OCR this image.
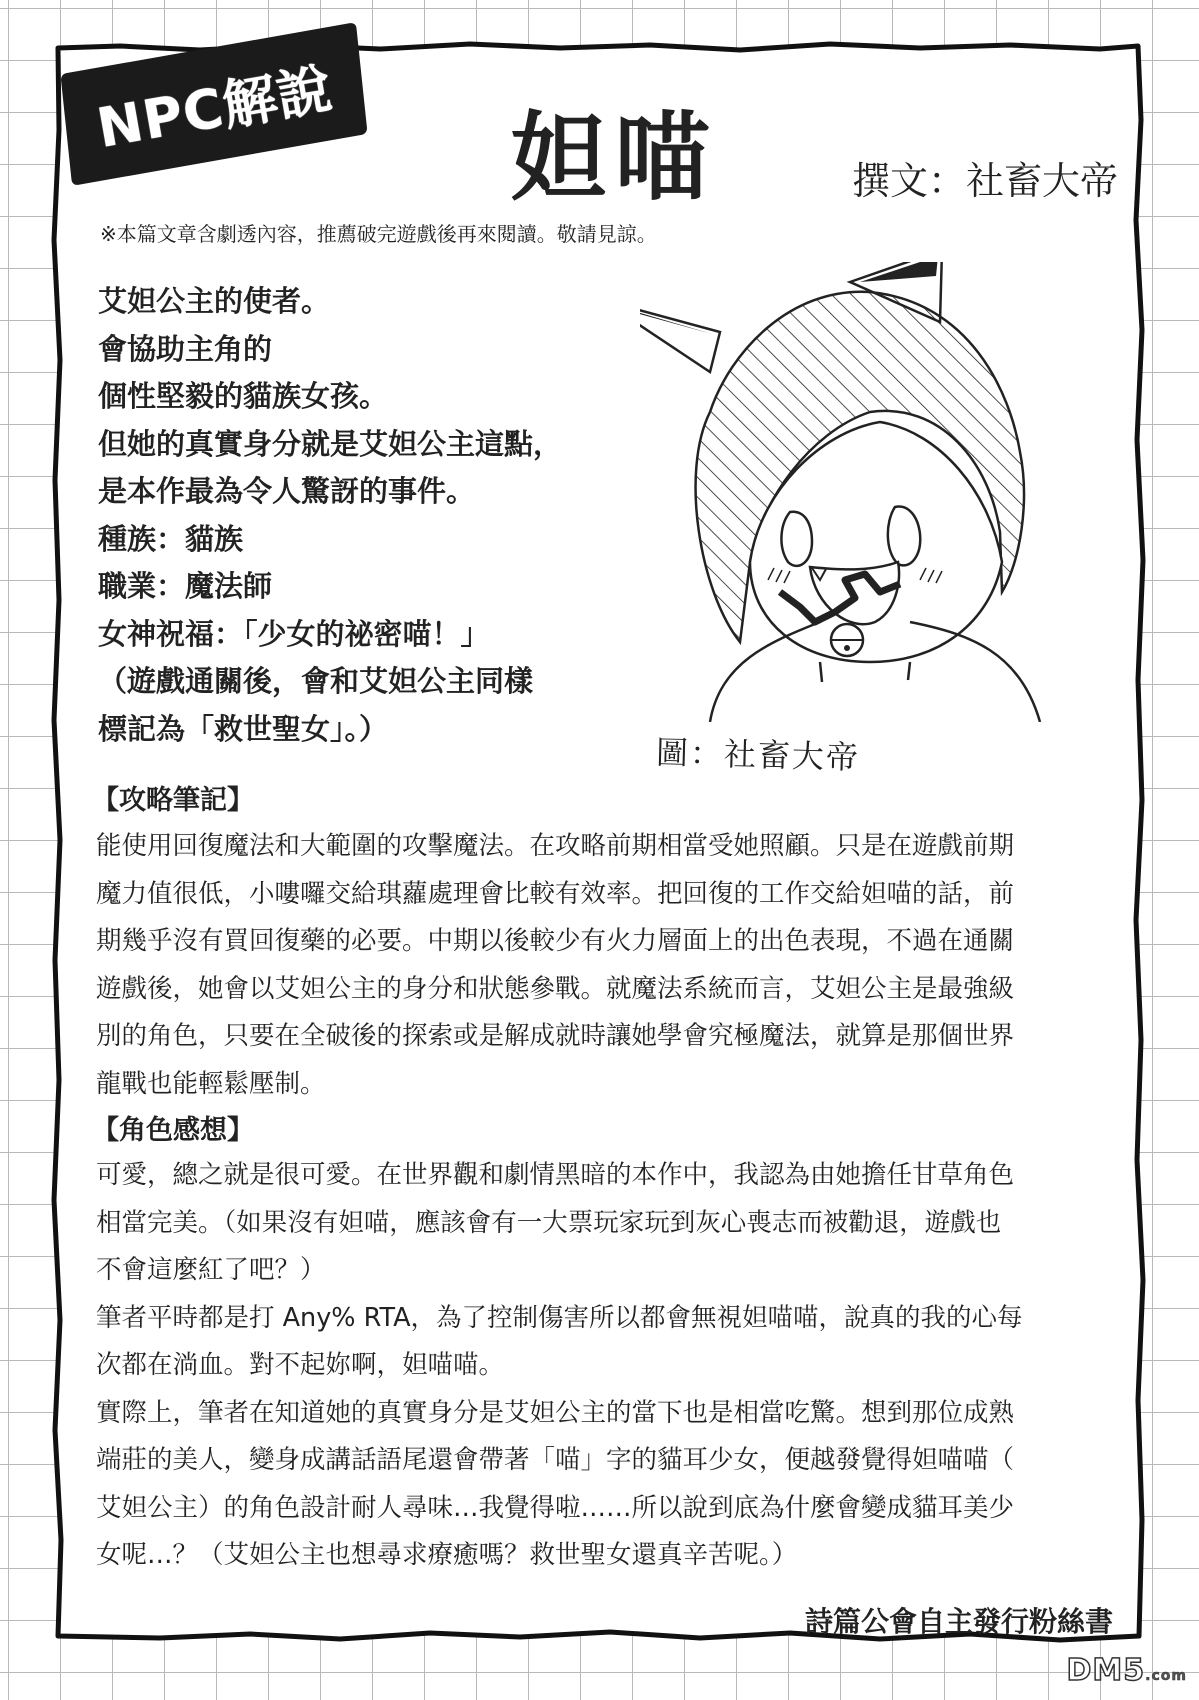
NPC解說 妲喵	撰文：社畜大帝
※本篇文章含劇透內容，推薦破完遊戲後再來閱讀。敬請見諒。
艾妲公主的使者。
會協助主角的
個性堅毅的貓族女孩。
但她的真實身分就是艾妲公主這點，
是本作最為令人驚訝的事件。
種族：貓族
職業：魔法師
女神祝福：「少女的祕密喵！」
（遊戲通關後，會和艾妲公主同樣
標記為「救世聖女」。）
圖：社畜大帝
【攻略筆記】
能使用回復魔法和大範圍的攻擊魔法。在攻略前期相當受她照顧。只是在遊戲前期
魔力值很低，小嘍囉交給琪蘿處理會比較有效率。把回復的工作交給妲喵的話，前
期幾乎沒有買回復藥的必要。中期以後較少有火力層面上的出色表現，不過在通關
遊戲後，她會以艾妲公主的身分和狀態參戰。就魔法系統而言，艾妲公主是最強級
別的角色，只要在全破後的探索或是解成就時讓她學會究極魔法，就算是那個世界
龍戰也能輕鬆壓制。
【角色感想】
可愛，總之就是很可愛。在世界觀和劇情黑暗的本作中，我認為由她擔任甘草角色
相當完美。（如果沒有妲喵，應該會有一大票玩家玩到灰心喪志而被勸退，遊戲也
不會這麼紅了吧？）
筆者平時都是打 Any% RTA，為了控制傷害所以都會無視妲喵喵，說真的我的心每
次都在淌血。對不起妳啊，妲喵喵。
實際上，筆者在知道她的真實身分是艾妲公主的當下也是相當吃驚。想到那位成熟
端莊的美人，變身成講話語尾還會帶著「喵」字的貓耳少女，便越發覺得妲喵喵（
艾妲公主）的角色設計耐人尋味…我覺得啦……所以說到底為什麼會變成貓耳美少
女呢…？（艾妲公主也想尋求療癒嗎？救世聖女還真辛苦呢。）
詩篇公會自主發行粉絲書
DM5.com
